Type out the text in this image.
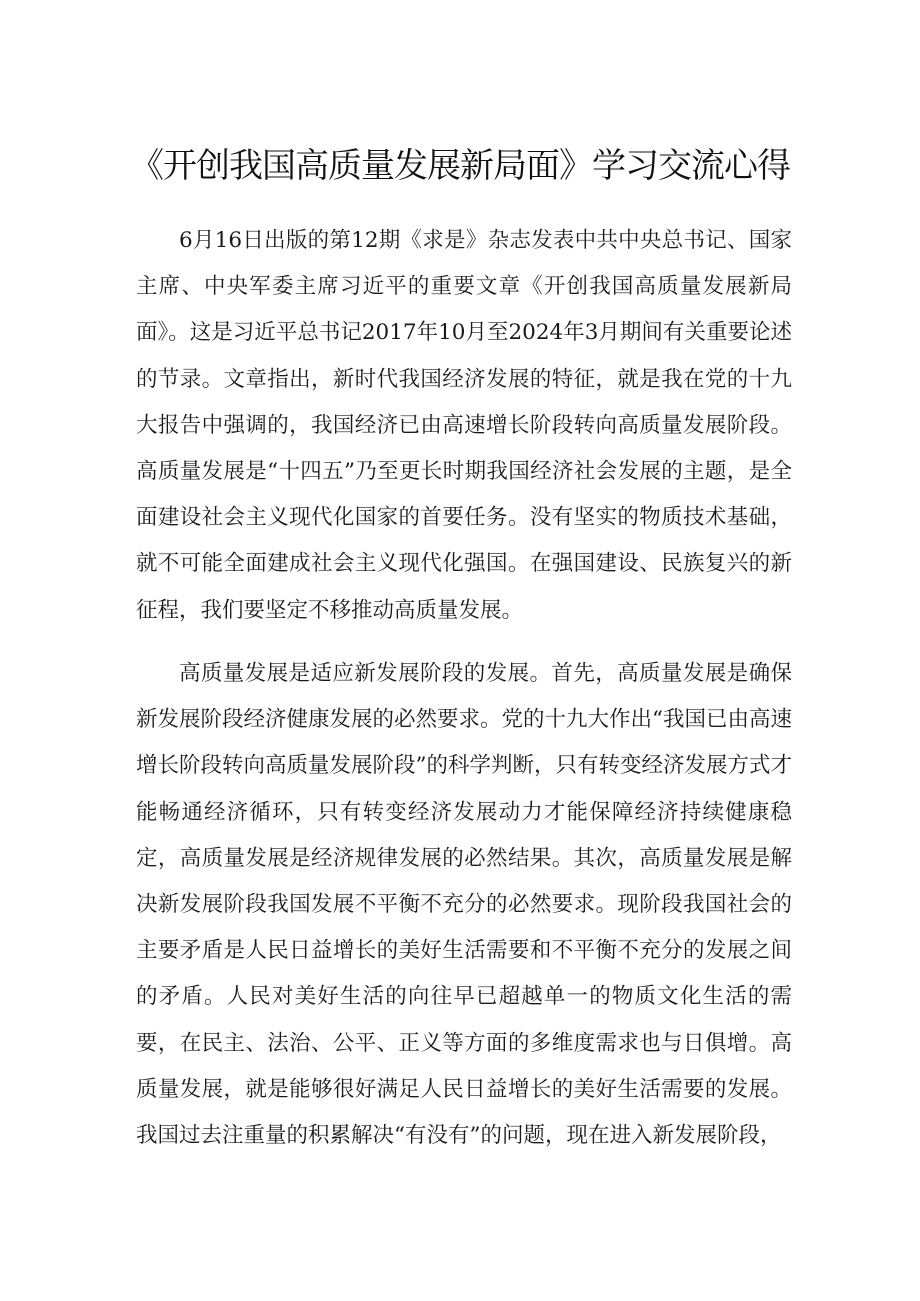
《开创我国高质量发展新局面》学习交流心得

6月16日出版的第12期《求是》杂志发表中共中央总书记、国家主席、中央军委主席习近平的重要文章《开创我国高质量发展新局面》。这是习近平总书记2017年10月至2024年3月期间有关重要论述的节录。文章指出，新时代我国经济发展的特征，就是我在党的十九大报告中强调的，我国经济已由高速增长阶段转向高质量发展阶段。高质量发展是“十四五”乃至更长时期我国经济社会发展的主题，是全面建设社会主义现代化国家的首要任务。没有坚实的物质技术基础，就不可能全面建成社会主义现代化强国。在强国建设、民族复兴的新征程，我们要坚定不移推动高质量发展。

高质量发展是适应新发展阶段的发展。首先，高质量发展是确保新发展阶段经济健康发展的必然要求。党的十九大作出“我国已由高速增长阶段转向高质量发展阶段”的科学判断，只有转变经济发展方式才能畅通经济循环，只有转变经济发展动力才能保障经济持续健康稳定，高质量发展是经济规律发展的必然结果。其次，高质量发展是解决新发展阶段我国发展不平衡不充分的必然要求。现阶段我国社会的主要矛盾是人民日益增长的美好生活需要和不平衡不充分的发展之间的矛盾。人民对美好生活的向往早已超越单一的物质文化生活的需要，在民主、法治、公平、正义等方面的多维度需求也与日俱增。高质量发展，就是能够很好满足人民日益增长的美好生活需要的发展。我国过去注重量的积累解决“有没有”的问题，现在进入新发展阶段，
